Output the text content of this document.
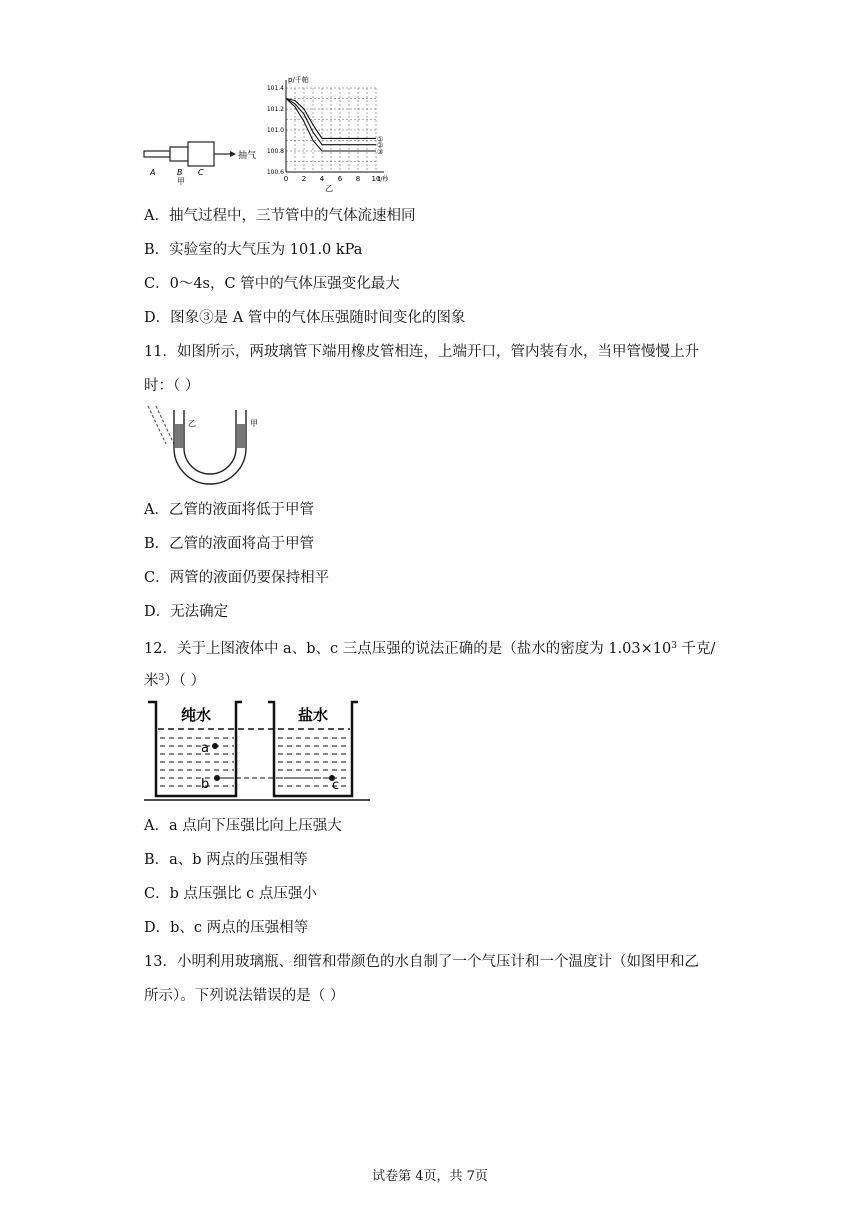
抽气
A	B C
甲
①
②
③
0 2 4 6 8 10
101.4
101.2
101.0
100.8
100.6
p/千帕
t/秒
乙
A．抽气过程中，三节管中的气体流速相同
B．实验室的大气压为 101.0 kPa
C．0～4s，C 管中的气体压强变化最大
D．图象③是 A 管中的气体压强随时间变化的图象
11．如图所示，两玻璃管下端用橡皮管相连，上端开口，管内装有水，当甲管慢慢上升
时：（ ）
乙	甲
A．乙管的液面将低于甲管
B．乙管的液面将高于甲管
C．两管的液面仍要保持相平
D．无法确定
12．关于上图液体中 a、b、c 三点压强的说法正确的是（盐水的密度为 $1.03\times 10^3$ 千克/
米$^3$）（ ）
纯水	盐水
a
b	c
A．a 点向下压强比向上压强大
B．a、b 两点的压强相等
C．b 点压强比 c 点压强小
D．b、c 两点的压强相等
13．小明利用玻璃瓶、细管和带颜色的水自制了一个气压计和一个温度计（如图甲和乙
所示）。下列说法错误的是（ ）
试卷第 4页，共 7页
